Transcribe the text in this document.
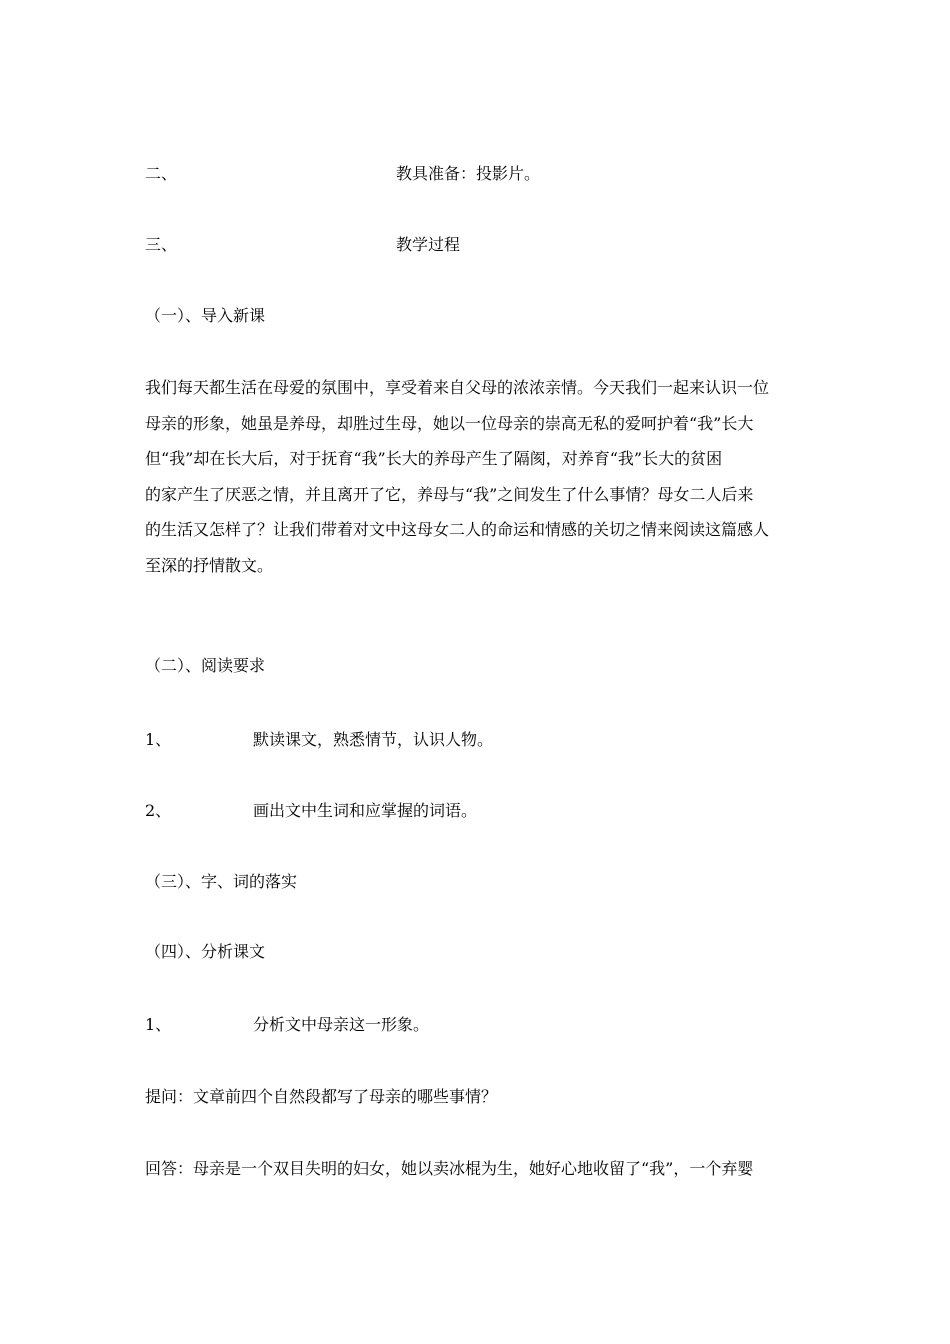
二、	教具准备：投影片。
三、	教学过程
（一）、导入新课
我们每天都生活在母爱的氛围中，享受着来自父母的浓浓亲情。今天我们一起来认识一位
母亲的形象，她虽是养母，却胜过生母，她以一位母亲的崇高无私的爱呵护着“我”长大
但“我”却在长大后，对于抚育“我”长大的养母产生了隔阂，对养育“我”长大的贫困
的家产生了厌恶之情，并且离开了它，养母与“我”之间发生了什么事情？母女二人后来
的生活又怎样了？让我们带着对文中这母女二人的命运和情感的关切之情来阅读这篇感人
至深的抒情散文。
（二）、阅读要求
1、	默读课文，熟悉情节，认识人物。
2、	画出文中生词和应掌握的词语。
（三）、字、词的落实
（四）、分析课文
1、	分析文中母亲这一形象。
提问：文章前四个自然段都写了母亲的哪些事情？
回答：母亲是一个双目失明的妇女，她以卖冰棍为生，她好心地收留了“我”，一个弃婴
